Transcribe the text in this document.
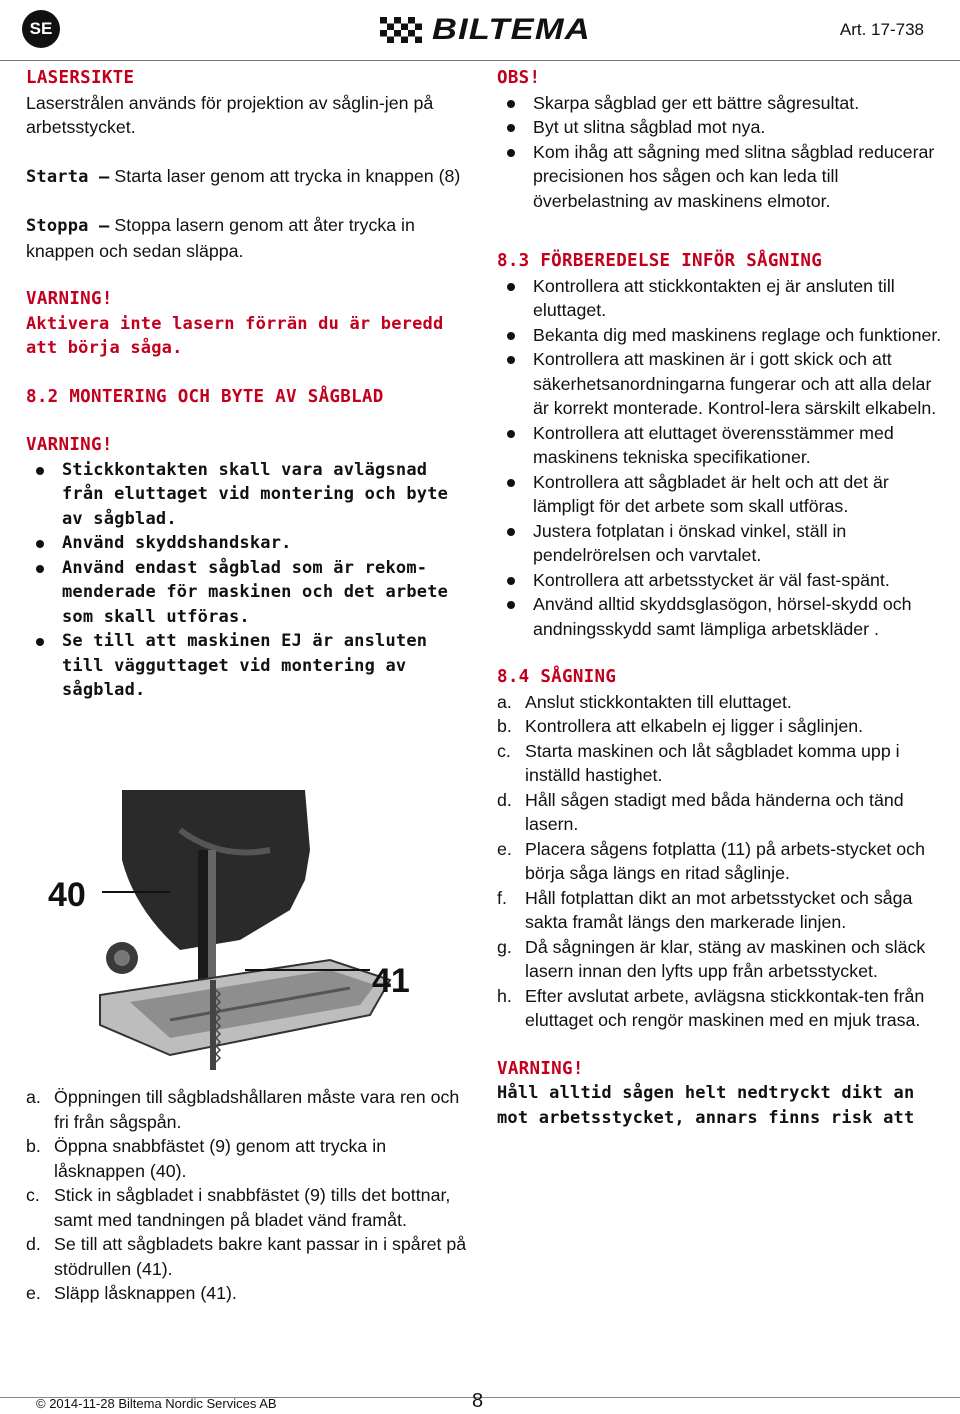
SE	BILTEMA	Art. 17-738
LASERSIKTE

Laserstrålen används för projektion av såglin-jen på arbetsstycket.

Starta – Starta laser genom att trycka in knappen (8)

Stoppa – Stoppa lasern genom att åter trycka in knappen och sedan släppa.

VARNING!

Aktivera inte lasern förrän du är beredd att börja såga.

8.2 MONTERING OCH BYTE AV SÅGBLAD
VARNING!
Stickkontakten skall vara avlägsnad från eluttaget vid montering och byte av sågblad.
Använd skyddshandskar.
Använd endast sågblad som är rekom-menderade för maskinen och det arbete som skall utföras.
Se till att maskinen EJ är ansluten till vägguttaget vid montering av sågblad.
40
41
a. Öppningen till sågbladshållaren måste vara ren och fri från sågspån.
b. Öppna snabbfästet (9) genom att trycka in låsknappen (40).
c. Stick in sågbladet i snabbfästet (9) tills det bottnar, samt med tandningen på bladet vänd framåt.
d. Se till att sågbladets bakre kant passar in i spåret på stödrullen (41).
e. Släpp låsknappen (41).
OBS!
Skarpa sågblad ger ett bättre sågresultat.
Byt ut slitna sågblad mot nya.
Kom ihåg att sågning med slitna sågblad reducerar precisionen hos sågen och kan leda till överbelastning av maskinens elmotor.
8.3 FÖRBEREDELSE INFÖR SÅGNING
Kontrollera att stickkontakten ej är ansluten till eluttaget.
Bekanta dig med maskinens reglage och funktioner.
Kontrollera att maskinen är i gott skick och att säkerhetsanordningarna fungerar och att alla delar är korrekt monterade. Kontrol-lera särskilt elkabeln.
Kontrollera att eluttaget överensstämmer med maskinens tekniska specifikationer.
Kontrollera att sågbladet är helt och att det är lämpligt för det arbete som skall utföras.
Justera fotplatan i önskad vinkel, ställ in pendelrörelsen och varvtalet.
Kontrollera att arbetsstycket är väl fast-spänt.
Använd alltid skyddsglasögon, hörsel-skydd och andningsskydd samt lämpliga arbetskläder .
8.4 SÅGNING
a. Anslut stickkontakten till eluttaget.
b. Kontrollera att elkabeln ej ligger i såglinjen.
c. Starta maskinen och låt sågbladet komma upp i inställd hastighet.
d. Håll sågen stadigt med båda händerna och tänd lasern.
e. Placera sågens fotplatta (11) på arbets-stycket och börja såga längs en ritad såglinje.
f. Håll fotplattan dikt an mot arbetsstycket och såga sakta framåt längs den markerade linjen.
g. Då sågningen är klar, stäng av maskinen och släck lasern innan den lyfts upp från arbetsstycket.
h. Efter avslutat arbete, avlägsna stickkontak-ten från eluttaget och rengör maskinen med en mjuk trasa.
VARNING!

Håll alltid sågen helt nedtryckt dikt an mot arbetsstycket, annars finns risk att

© 2014-11-28 Biltema Nordic Services AB	8
